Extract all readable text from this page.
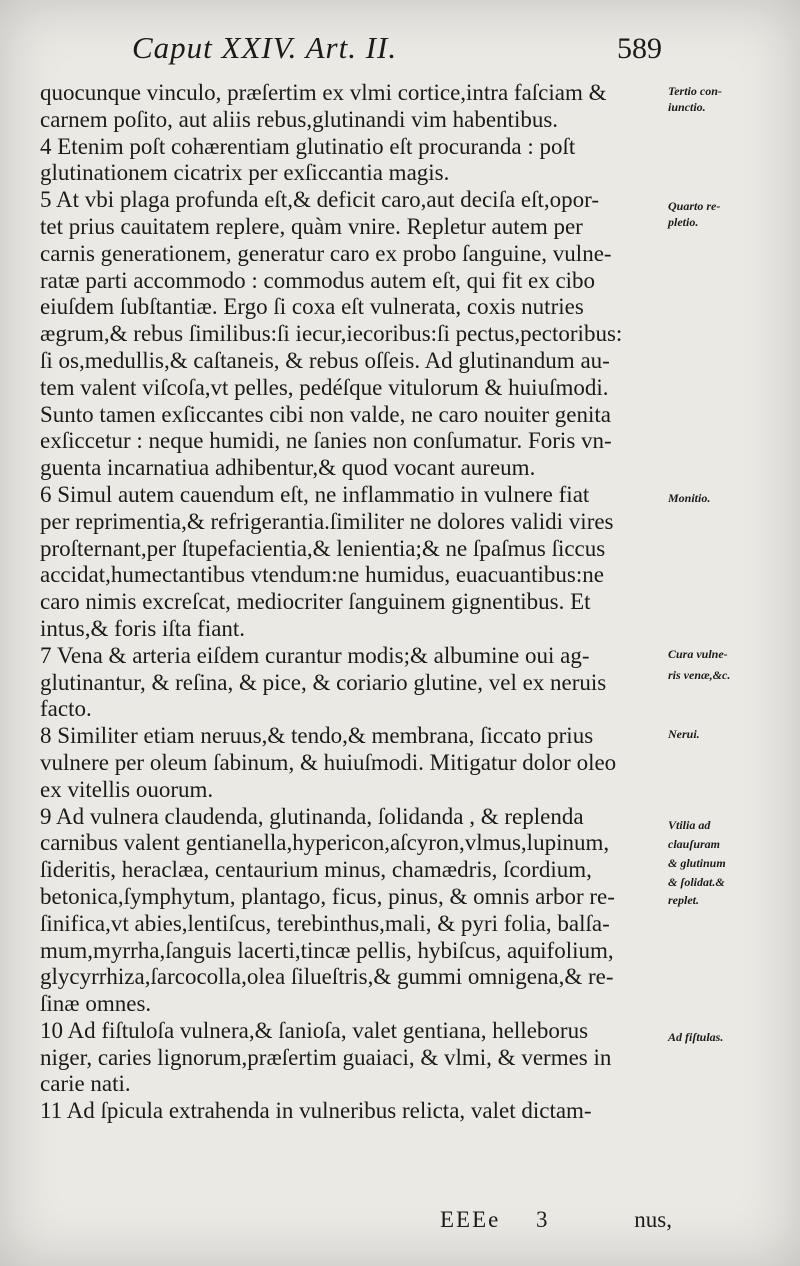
Caput XXIV. Art. II.	589
quocunque vinculo, præſertim ex vlmi cortice,intra faſciam &
carnem poſito, aut aliis rebus,glutinandi vim habentibus.
4 Etenim poſt cohærentiam glutinatio eſt procuranda : poſt
glutinationem cicatrix per exſiccantia magis.
5 At vbi plaga profunda eſt,& deficit caro,aut deciſa eſt,opor-
tet prius cauitatem replere, quàm vnire. Repletur autem per
carnis generationem, generatur caro ex probo ſanguine, vulne-
ratæ parti accommodo : commodus autem eſt, qui fit ex cibo
eiuſdem ſubſtantiæ. Ergo ſi coxa eſt vulnerata, coxis nutries
ægrum,& rebus ſimilibus:ſi iecur,iecoribus:ſi pectus,pectoribus:
ſi os,medullis,& caſtaneis, & rebus oſſeis. Ad glutinandum au-
tem valent viſcoſa,vt pelles, pedéſque vitulorum & huiuſmodi.
Sunto tamen exſiccantes cibi non valde, ne caro nouiter genita
exſiccetur : neque humidi, ne ſanies non conſumatur. Foris vn-
guenta incarnatiua adhibentur,& quod vocant aureum.
6 Simul autem cauendum eſt, ne inflammatio in vulnere fiat
per reprimentia,& refrigerantia.ſimiliter ne dolores validi vires
proſternant,per ſtupefacientia,& lenientia;& ne ſpaſmus ſiccus
accidat,humectantibus vtendum:ne humidus, euacuantibus:ne
caro nimis excreſcat, mediocriter ſanguinem gignentibus. Et
intus,& foris iſta fiant.
7 Vena & arteria eiſdem curantur modis;& albumine oui ag-
glutinantur, & reſina, & pice, & coriario glutine, vel ex neruis
facto.
8 Similiter etiam neruus,& tendo,& membrana, ſiccato prius
vulnere per oleum ſabinum, & huiuſmodi. Mitigatur dolor oleo
ex vitellis ouorum.
9 Ad vulnera claudenda, glutinanda, ſolidanda , & replenda
carnibus valent gentianella,hypericon,aſcyron,vlmus,lupinum,
ſideritis, heraclæa, centaurium minus, chamædris, ſcordium,
betonica,ſymphytum, plantago, ficus, pinus, & omnis arbor re-
ſinifica,vt abies,lentiſcus, terebinthus,mali, & pyri folia, balſa-
mum,myrrha,ſanguis lacerti,tincæ pellis, hybiſcus, aquifolium,
glycyrrhiza,ſarcocolla,olea ſilueſtris,& gummi omnigena,& re-
ſinæ omnes.
10 Ad fiſtuloſa vulnera,& ſanioſa, valet gentiana, helleborus
niger, caries lignorum,præſertim guaiaci, & vlmi, & vermes in
carie nati.
11 Ad ſpicula extrahenda in vulneribus relicta, valet dictam-
Tertio con-
iunctio.
Quarto re-
pletio.
Monitio.
Cura vulne-
ris venæ,&c.
Nerui.
Vtilia ad
clauſuram
& glutinum
& ſolidat.&
replet.
Ad fiſtulas.
EEEe 3	nus,
